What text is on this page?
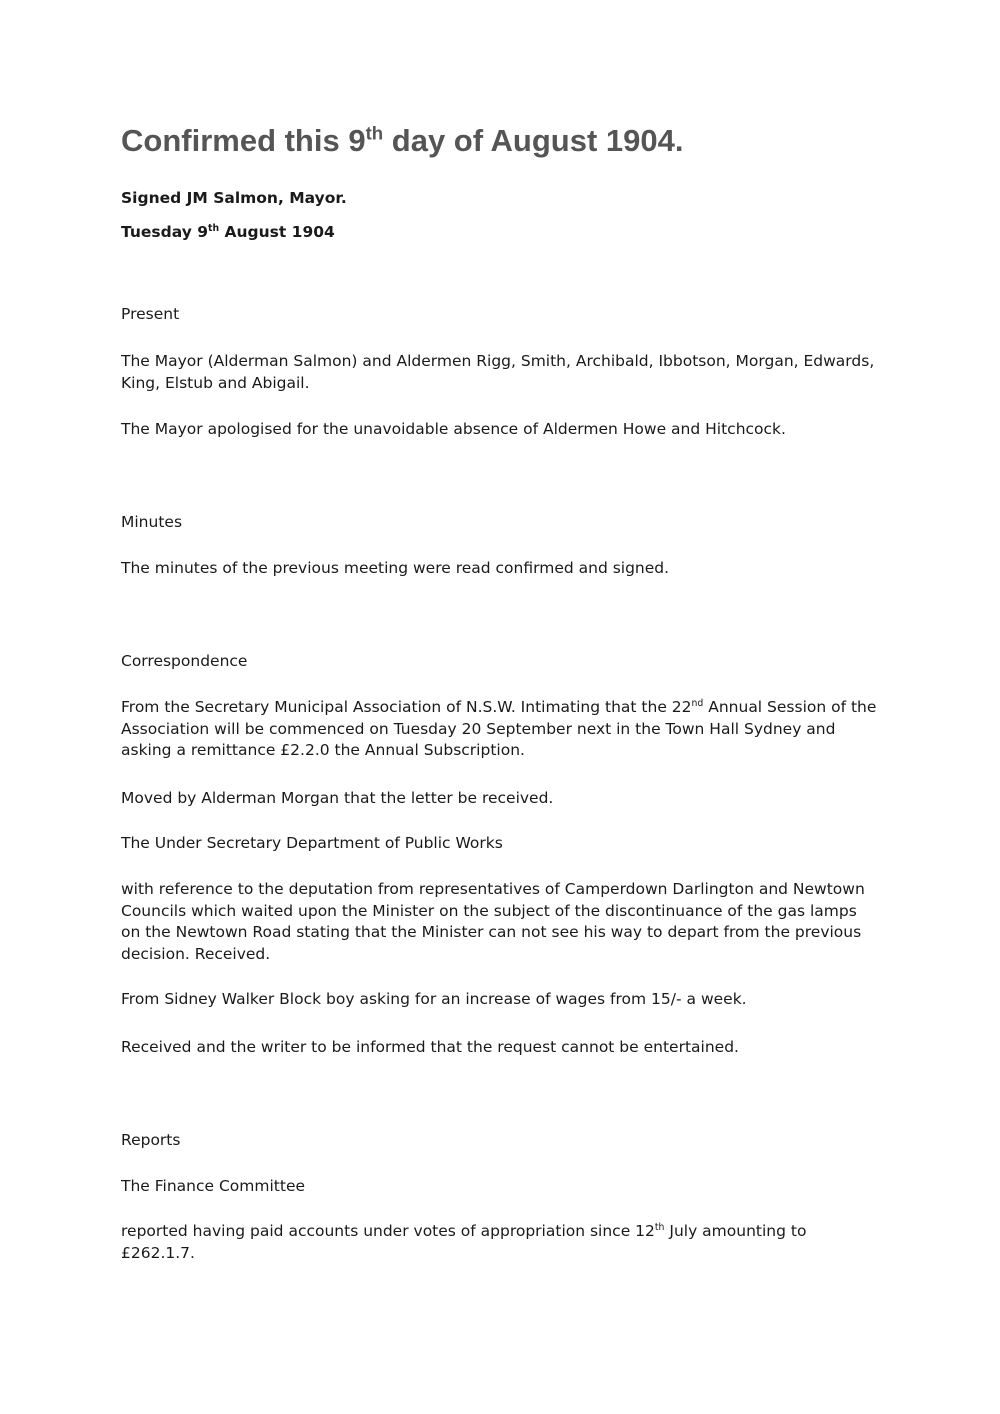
Confirmed this 9th day of August 1904.

Signed JM Salmon, Mayor.

Tuesday 9th August 1904

Present

The Mayor (Alderman Salmon) and Aldermen Rigg, Smith, Archibald, Ibbotson, Morgan, Edwards, King, Elstub and Abigail.

The Mayor apologised for the unavoidable absence of Aldermen Howe and Hitchcock.

Minutes

The minutes of the previous meeting were read confirmed and signed.

Correspondence

From the Secretary Municipal Association of N.S.W. Intimating that the 22nd Annual Session of the Association will be commenced on Tuesday 20 September next in the Town Hall Sydney and asking a remittance £2.2.0 the Annual Subscription.

Moved by Alderman Morgan that the letter be received.

The Under Secretary Department of Public Works

with reference to the deputation from representatives of Camperdown Darlington and Newtown Councils which waited upon the Minister on the subject of the discontinuance of the gas lamps on the Newtown Road stating that the Minister can not see his way to depart from the previous decision. Received.

From Sidney Walker Block boy asking for an increase of wages from 15/- a week.

Received and the writer to be informed that the request cannot be entertained.

Reports

The Finance Committee

reported having paid accounts under votes of appropriation since 12th July amounting to £262.1.7.
